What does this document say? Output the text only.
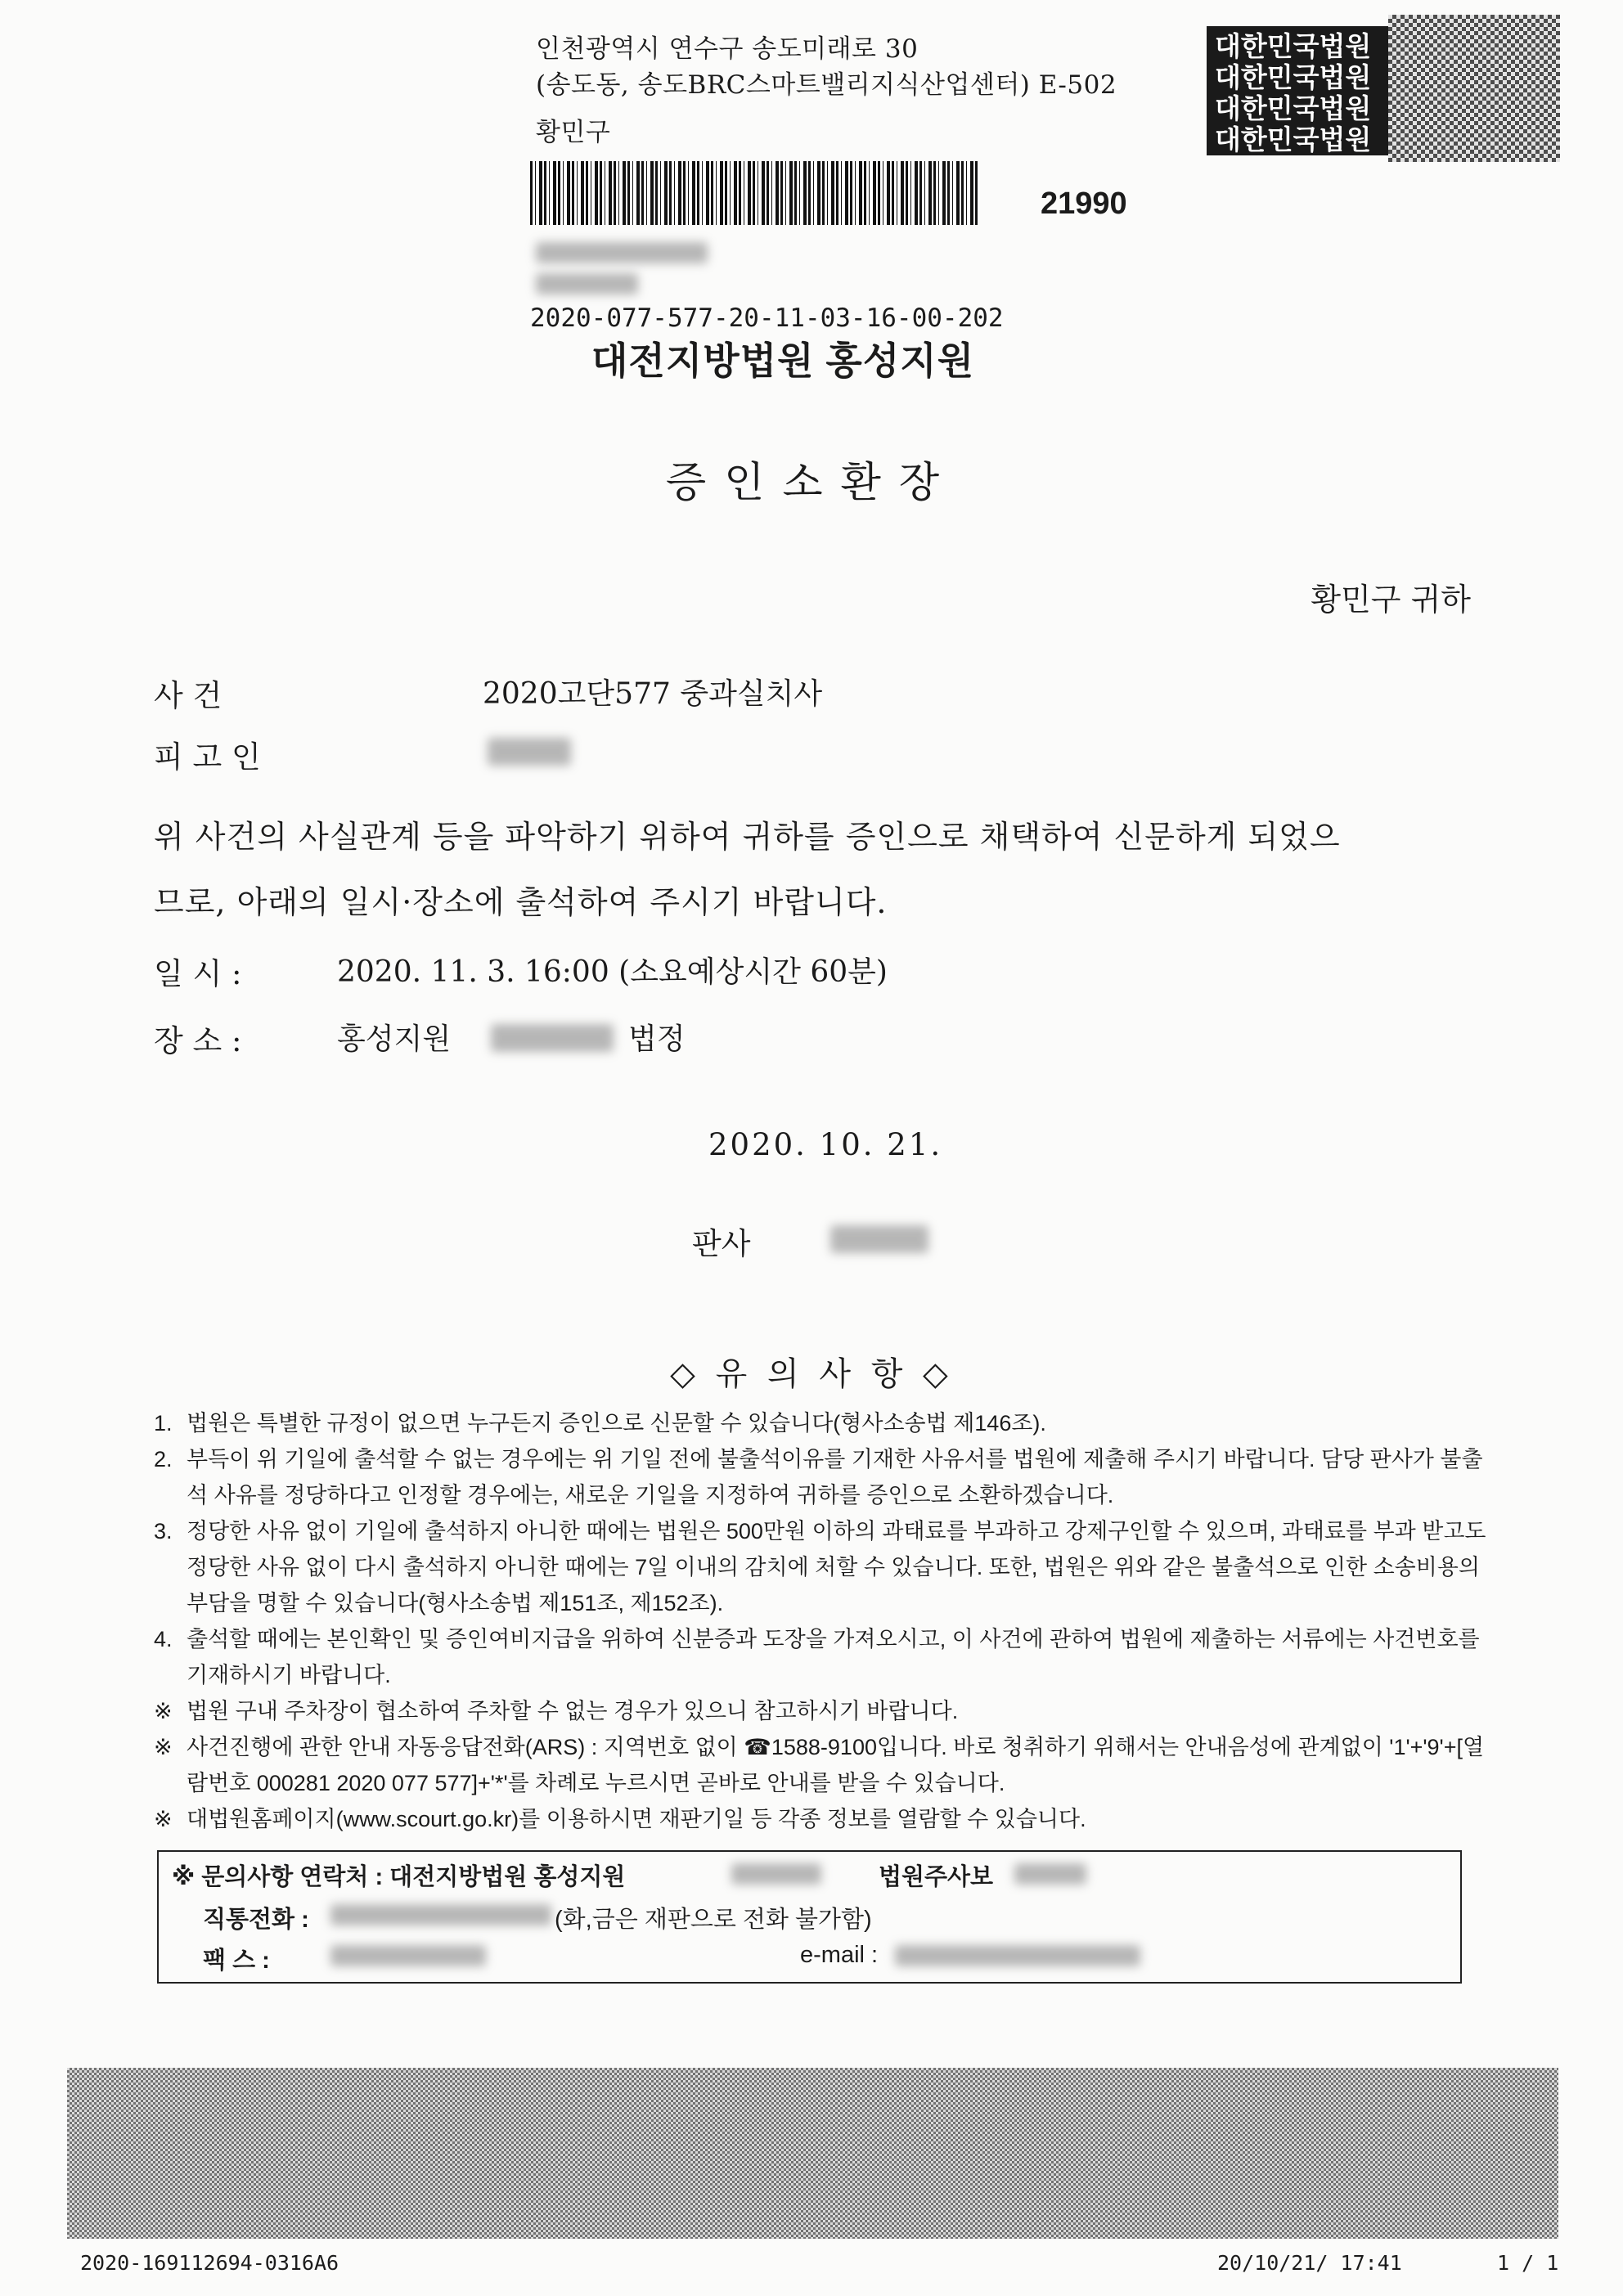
인천광역시 연수구 송도미래로 30
(송도동, 송도BRC스마트밸리지식산업센터) E-502
황민구
21990
2020-077-577-20-11-03-16-00-202
대전지방법원 홍성지원
대한민국법원
대한민국법원
대한민국법원
대한민국법원
증인소환장
황민구 귀하
사 건	2020고단577 중과실치사
피 고 인
위 사건의 사실관계 등을 파악하기 위하여 귀하를 증인으로 채택하여 신문하게 되었으
므로, 아래의 일시·장소에 출석하여 주시기 바랍니다.
일 시 :	2020. 11. 3. 16:00 (소요예상시간 60분)
장 소 :	홍성지원	법정
2020. 10. 21.
판사
◇ 유 의 사 항 ◇
1. 법원은 특별한 규정이 없으면 누구든지 증인으로 신문할 수 있습니다(형사소송법 제146조).
2. 부득이 위 기일에 출석할 수 없는 경우에는 위 기일 전에 불출석이유를 기재한 사유서를 법원에 제출해 주시기 바랍니다. 담당 판사가 불출석 사유를 정당하다고 인정할 경우에는, 새로운 기일을 지정하여 귀하를 증인으로 소환하겠습니다.
3. 정당한 사유 없이 기일에 출석하지 아니한 때에는 법원은 500만원 이하의 과태료를 부과하고 강제구인할 수 있으며, 과태료를 부과 받고도 정당한 사유 없이 다시 출석하지 아니한 때에는 7일 이내의 감치에 처할 수 있습니다. 또한, 법원은 위와 같은 불출석으로 인한 소송비용의 부담을 명할 수 있습니다(형사소송법 제151조, 제152조).
4. 출석할 때에는 본인확인 및 증인여비지급을 위하여 신분증과 도장을 가져오시고, 이 사건에 관하여 법원에 제출하는 서류에는 사건번호를 기재하시기 바랍니다.
※ 법원 구내 주차장이 협소하여 주차할 수 없는 경우가 있으니 참고하시기 바랍니다.
※ 사건진행에 관한 안내 자동응답전화(ARS) : 지역번호 없이 ☎1588-9100입니다. 바로 청취하기 위해서는 안내음성에 관계없이 '1'+'9'+[열람번호 000281 2020 077 577]+'*'를 차례로 누르시면 곧바로 안내를 받을 수 있습니다.
※ 대법원홈페이지(www.scourt.go.kr)를 이용하시면 재판기일 등 각종 정보를 열람할 수 있습니다.
※ 문의사항 연락처 : 대전지방법원 홍성지원	법원주사보
직통전화 :	(화,금은 재판으로 전화 불가함)
팩 스 :	e-mail :
2020-169112694-0316A6	20/10/21/ 17:41	1 / 1
